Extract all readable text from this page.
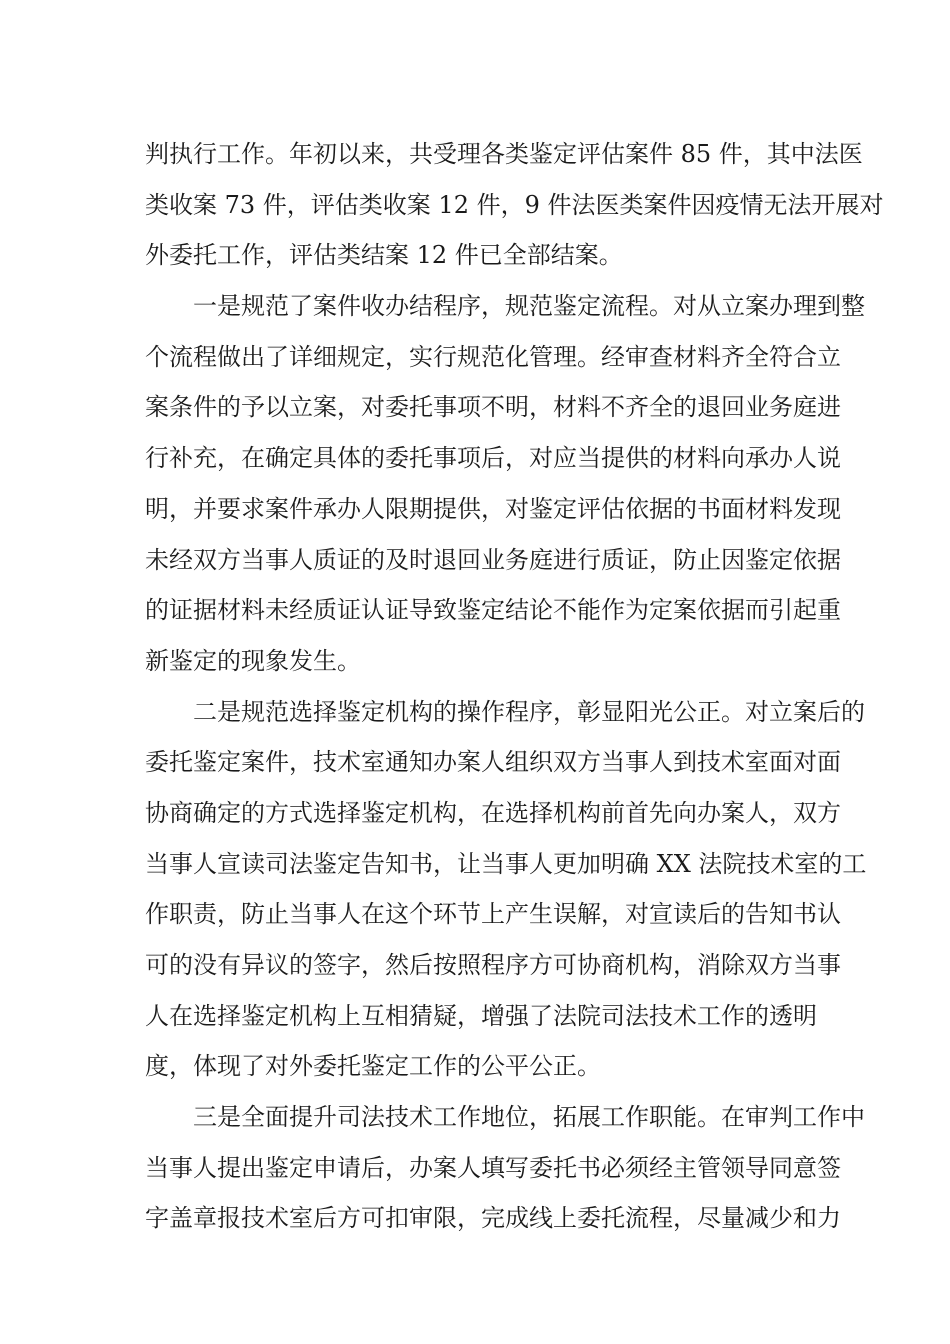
判执行工作。年初以来，共受理各类鉴定评估案件 85 件，其中法医
类收案 73 件，评估类收案 12 件，9 件法医类案件因疫情无法开展对
外委托工作，评估类结案 12 件已全部结案。
　　一是规范了案件收办结程序，规范鉴定流程。对从立案办理到整
个流程做出了详细规定，实行规范化管理。经审查材料齐全符合立
案条件的予以立案，对委托事项不明，材料不齐全的退回业务庭进
行补充，在确定具体的委托事项后，对应当提供的材料向承办人说
明，并要求案件承办人限期提供，对鉴定评估依据的书面材料发现
未经双方当事人质证的及时退回业务庭进行质证，防止因鉴定依据
的证据材料未经质证认证导致鉴定结论不能作为定案依据而引起重
新鉴定的现象发生。
　　二是规范选择鉴定机构的操作程序，彰显阳光公正。对立案后的
委托鉴定案件，技术室通知办案人组织双方当事人到技术室面对面
协商确定的方式选择鉴定机构，在选择机构前首先向办案人，双方
当事人宣读司法鉴定告知书，让当事人更加明确 XX 法院技术室的工
作职责，防止当事人在这个环节上产生误解，对宣读后的告知书认
可的没有异议的签字，然后按照程序方可协商机构，消除双方当事
人在选择鉴定机构上互相猜疑，增强了法院司法技术工作的透明
度，体现了对外委托鉴定工作的公平公正。
　　三是全面提升司法技术工作地位，拓展工作职能。在审判工作中
当事人提出鉴定申请后，办案人填写委托书必须经主管领导同意签
字盖章报技术室后方可扣审限，完成线上委托流程，尽量减少和力
